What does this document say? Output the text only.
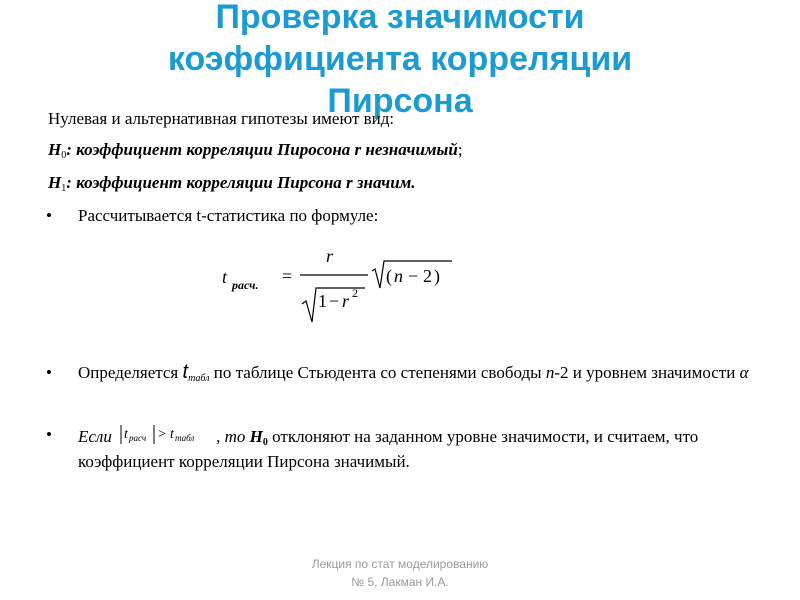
Проверка значимости
коэффициента корреляции
Пирсона
Нулевая и альтернативная гипотезы имеют вид:
$H_0$: коэффициент корреляции Пиросона r незначимый;
$H_1$: коэффициент корреляции Пирсона r значим.
• Рассчитывается t-статистика по формуле:
t расч. =
r
1 − r 2
( n − 2 )
• Определяется $t_{табл}$ по таблице Стьюдента со степенями свободы n-2 и уровнем значимости α
• Если t расч > t табл , то $H_0$ отклоняют на заданном уровне значимости, и считаем, что коэффициент корреляции Пирсона значимый.
Лекция по стат моделированию
№ 5, Лакман И.А.
